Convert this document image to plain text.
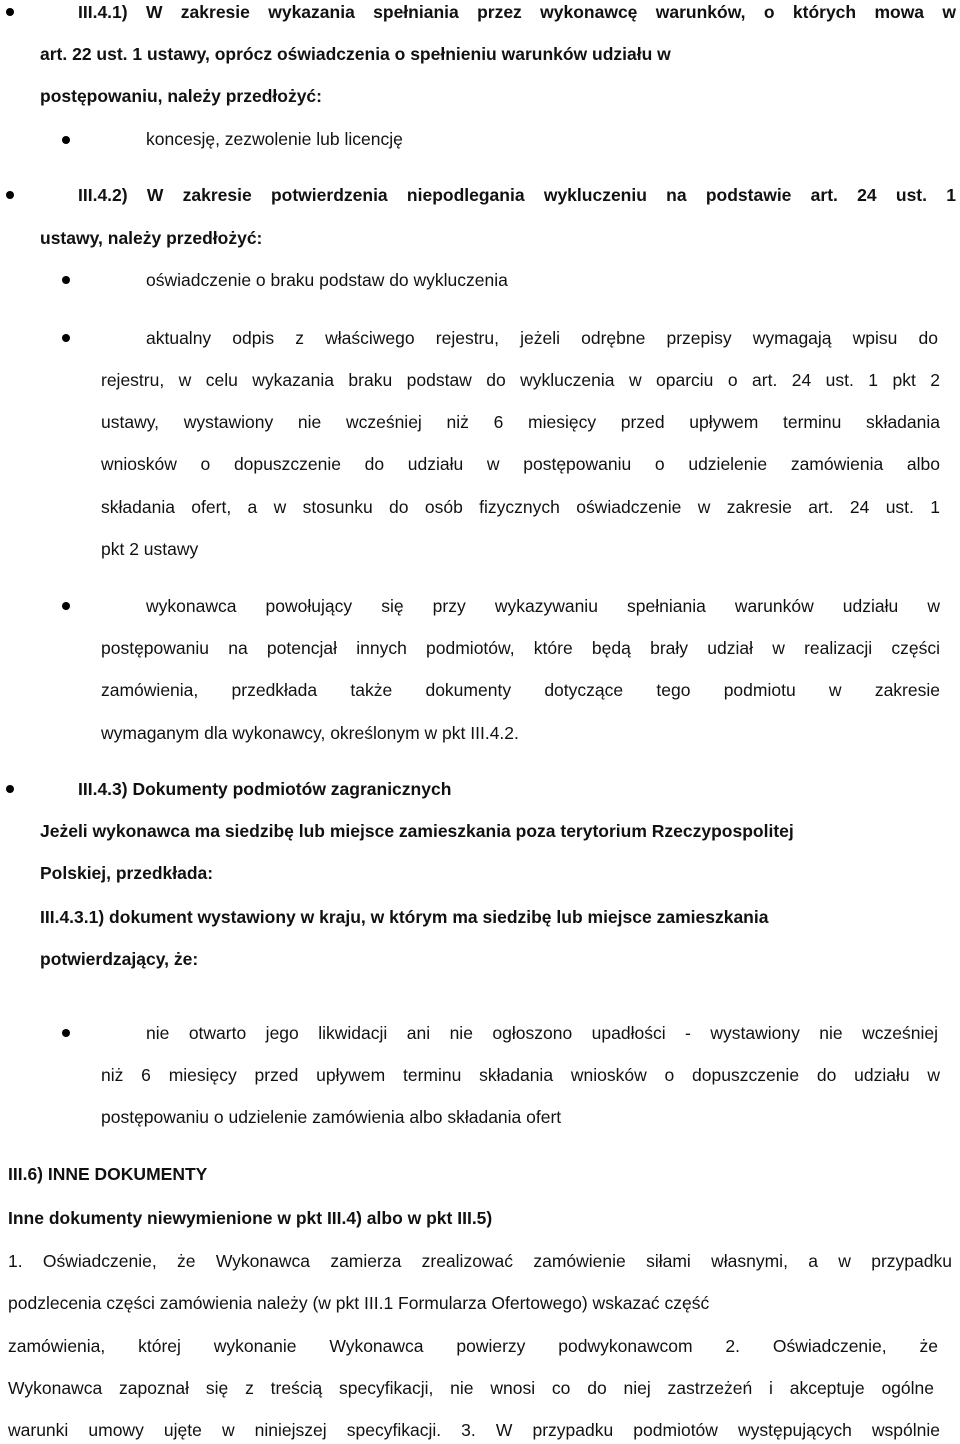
III.4.1) W zakresie wykazania spełniania przez wykonawcę warunków, o których mowa w
art. 22 ust. 1 ustawy, oprócz oświadczenia o spełnieniu warunków udziału w
postępowaniu, należy przedłożyć:
koncesję, zezwolenie lub licencję
III.4.2) W zakresie potwierdzenia niepodlegania wykluczeniu na podstawie art. 24 ust. 1
ustawy, należy przedłożyć:
oświadczenie o braku podstaw do wykluczenia
aktualny odpis z właściwego rejestru, jeżeli odrębne przepisy wymagają wpisu do
rejestru, w celu wykazania braku podstaw do wykluczenia w oparciu o art. 24 ust. 1 pkt 2
ustawy, wystawiony nie wcześniej niż 6 miesięcy przed upływem terminu składania
wniosków o dopuszczenie do udziału w postępowaniu o udzielenie zamówienia albo
składania ofert, a w stosunku do osób fizycznych oświadczenie w zakresie art. 24 ust. 1
pkt 2 ustawy
wykonawca powołujący się przy wykazywaniu spełniania warunków udziału w
postępowaniu na potencjał innych podmiotów, które będą brały udział w realizacji części
zamówienia, przedkłada także dokumenty dotyczące tego podmiotu w zakresie
wymaganym dla wykonawcy, określonym w pkt III.4.2.
III.4.3) Dokumenty podmiotów zagranicznych
Jeżeli wykonawca ma siedzibę lub miejsce zamieszkania poza terytorium Rzeczypospolitej
Polskiej, przedkłada:
III.4.3.1) dokument wystawiony w kraju, w którym ma siedzibę lub miejsce zamieszkania
potwierdzający, że:
nie otwarto jego likwidacji ani nie ogłoszono upadłości - wystawiony nie wcześniej
niż 6 miesięcy przed upływem terminu składania wniosków o dopuszczenie do udziału w
postępowaniu o udzielenie zamówienia albo składania ofert
III.6) INNE DOKUMENTY
Inne dokumenty niewymienione w pkt III.4) albo w pkt III.5)
1. Oświadczenie, że Wykonawca zamierza zrealizować zamówienie siłami własnymi, a w przypadku
podzlecenia części zamówienia należy (w pkt III.1 Formularza Ofertowego) wskazać część
zamówienia, której wykonanie Wykonawca powierzy podwykonawcom 2. Oświadczenie, że
Wykonawca zapoznał się z treścią specyfikacji, nie wnosi co do niej zastrzeżeń i akceptuje ogólne
warunki umowy ujęte w niniejszej specyfikacji. 3. W przypadku podmiotów występujących wspólnie
